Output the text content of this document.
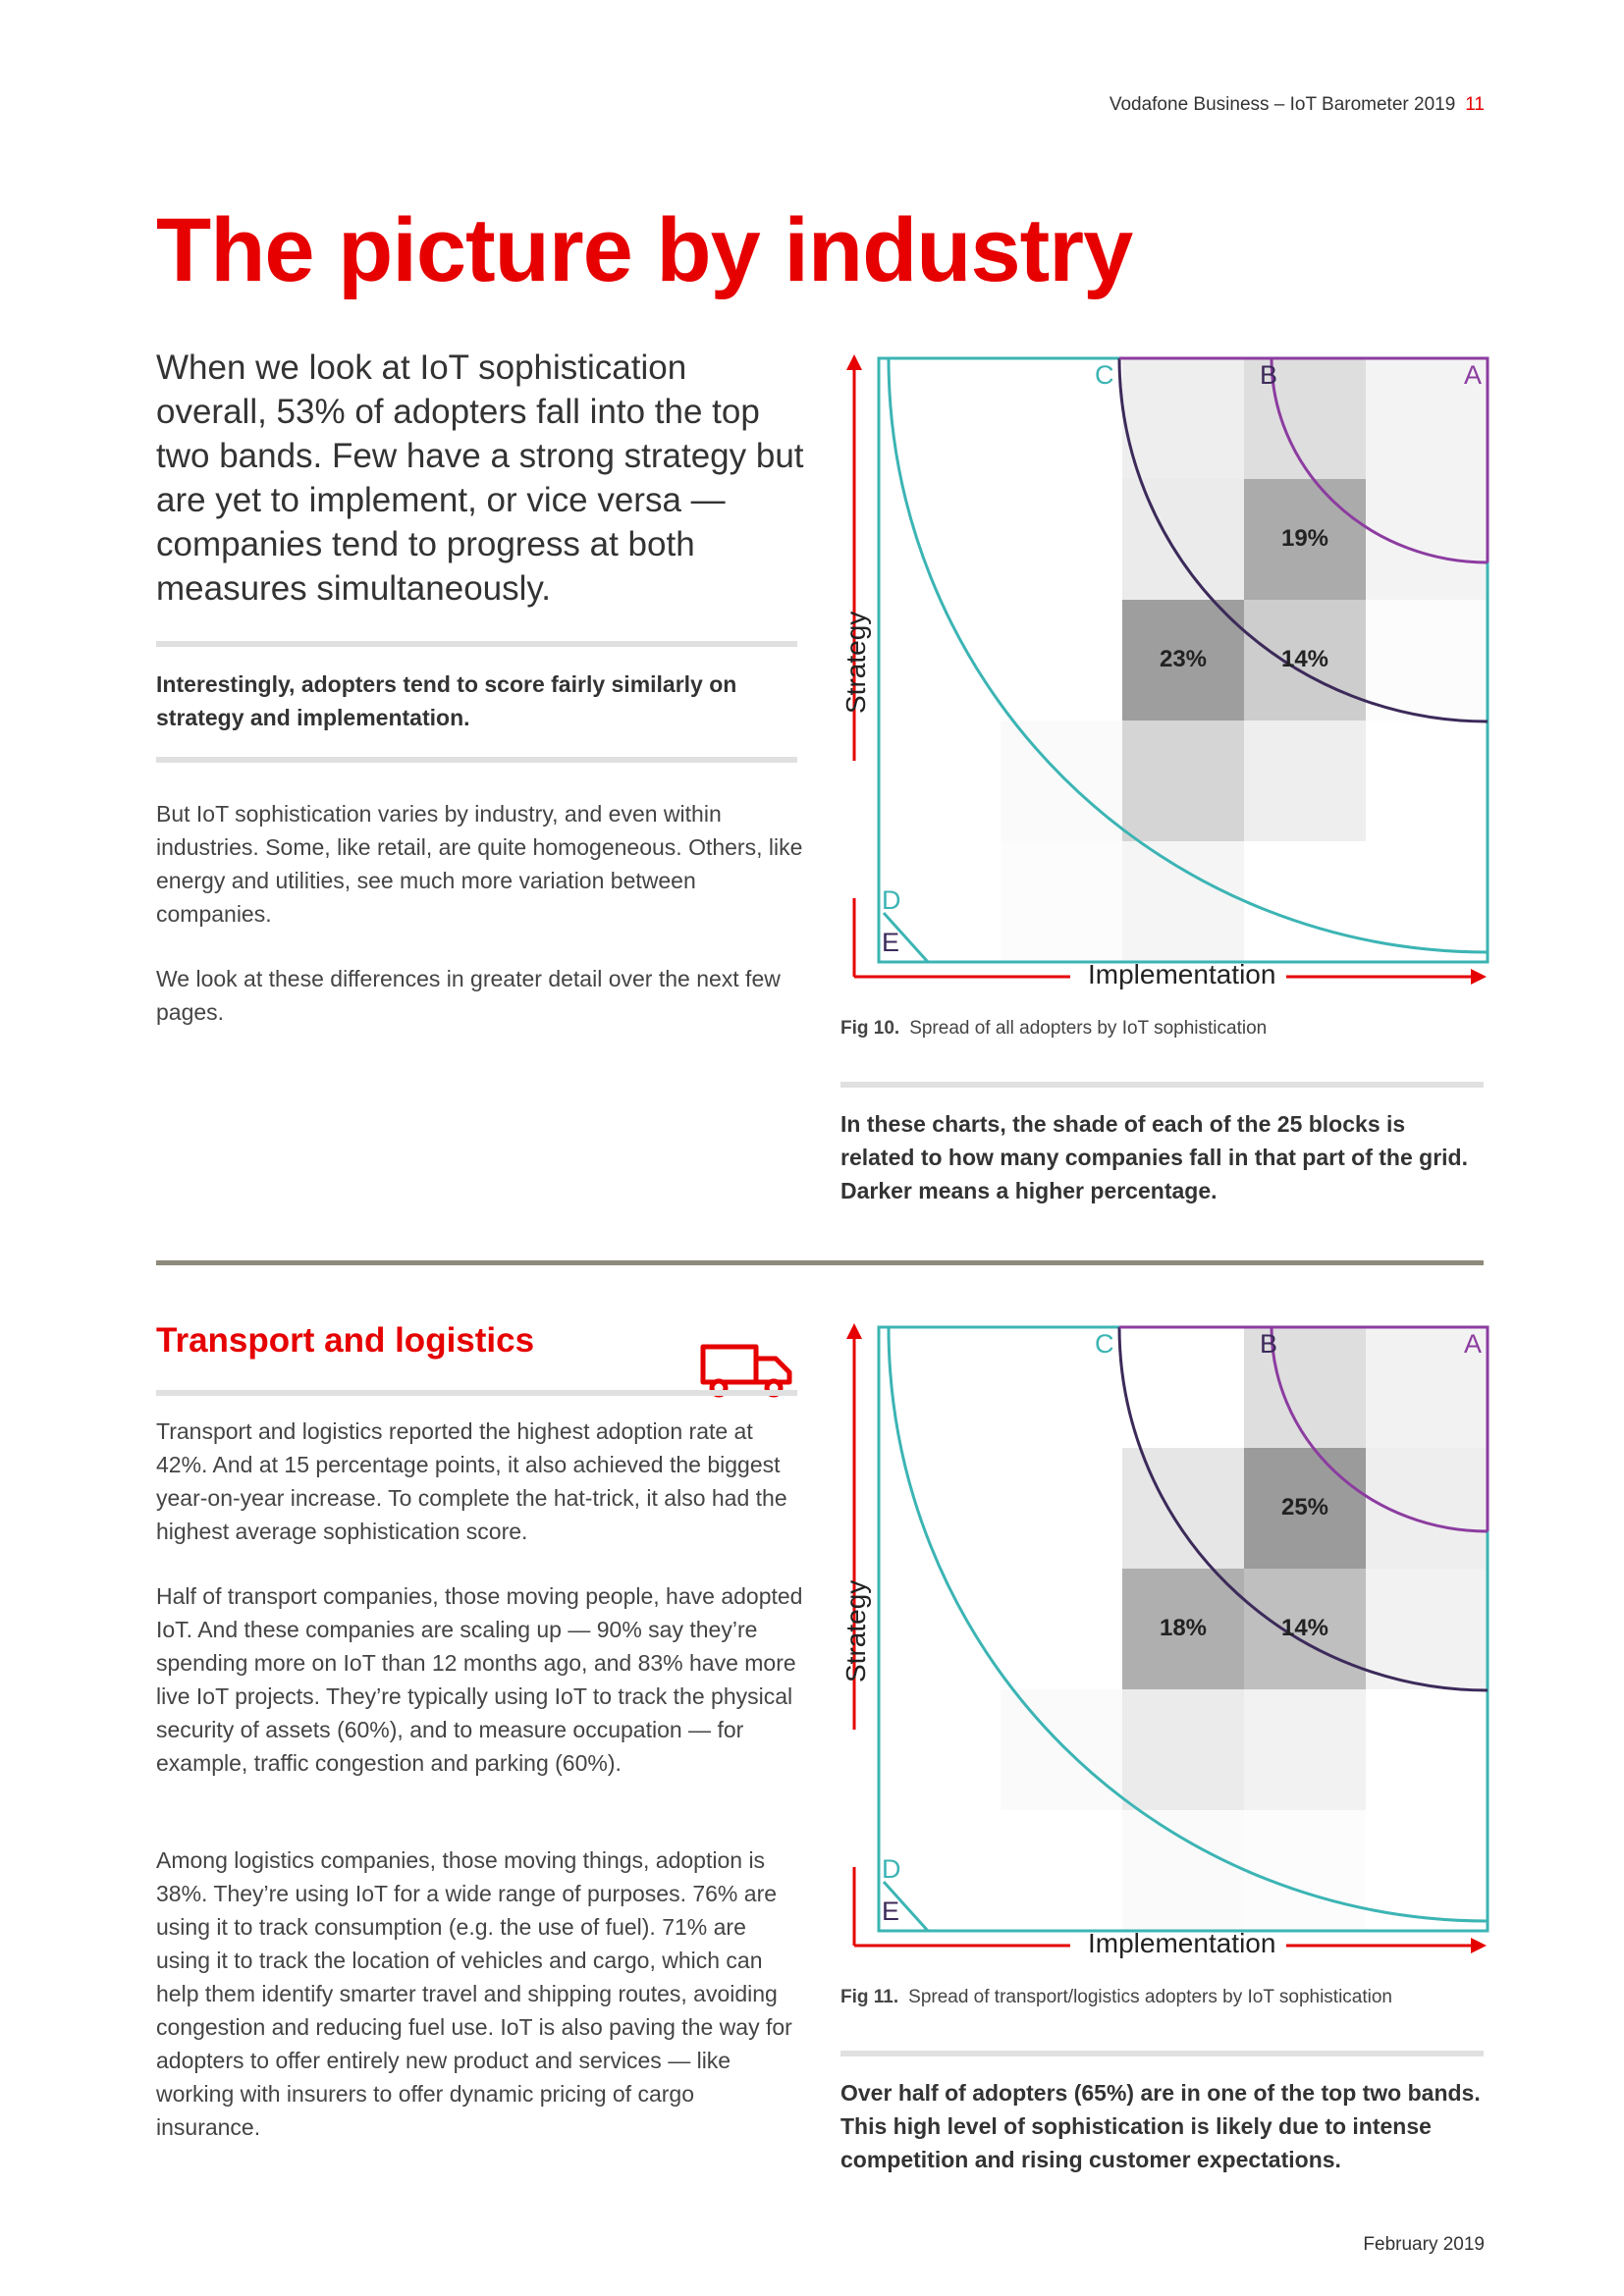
Vodafone Business – IoT Barometer 2019 11
The picture by industry

When we look at IoT sophistication overall, 53% of adopters fall into the top two bands. Few have a strong strategy but are yet to implement, or vice versa — companies tend to progress at both measures simultaneously.

Interestingly, adopters tend to score fairly similarly on strategy and implementation.

But IoT sophistication varies by industry, and even within industries. Some, like retail, are quite homogeneous. Others, like energy and utilities, see much more variation between companies.

We look at these differences in greater detail over the next few pages.

C	B	A
D
E
19%
23%	14%
Implementation
Strategy
Fig 10. Spread of all adopters by IoT sophistication

In these charts, the shade of each of the 25 blocks is related to how many companies fall in that part of the grid. Darker means a higher percentage.

Transport and logistics

Transport and logistics reported the highest adoption rate at 42%. And at 15 percentage points, it also achieved the biggest year-on-year increase. To complete the hat-trick, it also had the highest average sophistication score.

Half of transport companies, those moving people, have adopted IoT. And these companies are scaling up — 90% say they’re spending more on IoT than 12 months ago, and 83% have more live IoT projects. They’re typically using IoT to track the physical security of assets (60%), and to measure occupation — for example, traffic congestion and parking (60%).

Among logistics companies, those moving things, adoption is 38%. They’re using IoT for a wide range of purposes. 76% are using it to track consumption (e.g. the use of fuel). 71% are using it to track the location of vehicles and cargo, which can help them identify smarter travel and shipping routes, avoiding congestion and reducing fuel use. IoT is also paving the way for adopters to offer entirely new product and services — like working with insurers to offer dynamic pricing of cargo insurance.

C	B	A
D
E
25%
18%	14%
Implementation
Strategy
Fig 11. Spread of transport/logistics adopters by IoT sophistication

Over half of adopters (65%) are in one of the top two bands. This high level of sophistication is likely due to intense competition and rising customer expectations.

February 2019
